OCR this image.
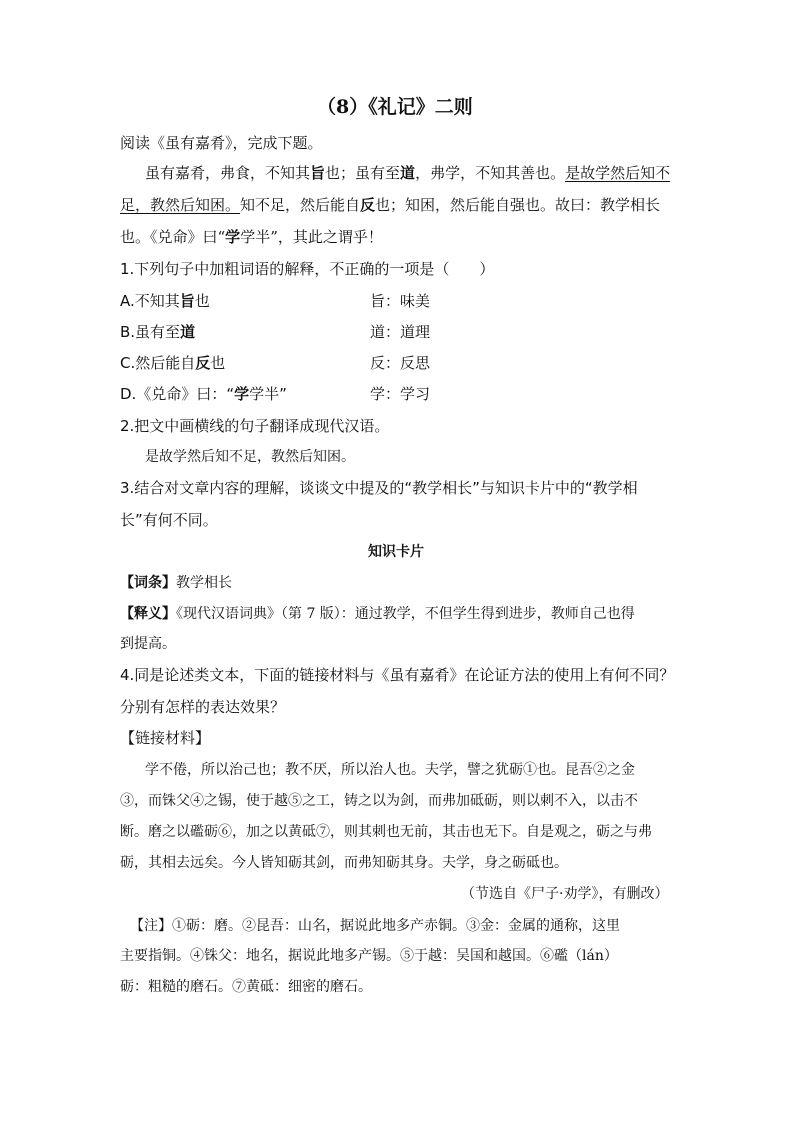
（8）《礼记》二则
阅读《虽有嘉肴》，完成下题。
虽有嘉肴，弗食，不知其旨也；虽有至道，弗学，不知其善也。是故学然后知不
足，教然后知困。知不足，然后能自反也；知困，然后能自强也。故曰：教学相长
也。《兑命》曰“学学半”，其此之谓乎！
1.下列句子中加粗词语的解释，不正确的一项是（　　）
A.不知其旨也	旨：味美
B.虽有至道	道：道理
C.然后能自反也	反：反思
D.《兑命》曰：“学学半”	学：学习
2.把文中画横线的句子翻译成现代汉语。
是故学然后知不足，教然后知困。
3.结合对文章内容的理解，谈谈文中提及的“教学相长”与知识卡片中的“教学相
长”有何不同。
知识卡片
【词条】教学相长
【释义】《现代汉语词典》（第 7 版）：通过教学，不但学生得到进步，教师自己也得
到提高。
4.同是论述类文本，下面的链接材料与《虽有嘉肴》在论证方法的使用上有何不同？
分别有怎样的表达效果？
【链接材料】
学不倦，所以治己也；教不厌，所以治人也。夫学，譬之犹砺①也。昆吾②之金
③，而铢父④之锡，使于越⑤之工，铸之以为剑，而弗加砥砺，则以刺不入，以击不
断。磨之以礛砺⑥，加之以黄砥⑦，则其刺也无前，其击也无下。自是观之，砺之与弗
砺，其相去远矣。今人皆知砺其剑，而弗知砺其身。夫学，身之砺砥也。
（节选自《尸子·劝学》，有删改）
【注】①砺：磨。②昆吾：山名，据说此地多产赤铜。③金：金属的通称，这里
主要指铜。④铢父：地名，据说此地多产锡。⑤于越：吴国和越国。⑥礛（lán）
砺：粗糙的磨石。⑦黄砥：细密的磨石。
